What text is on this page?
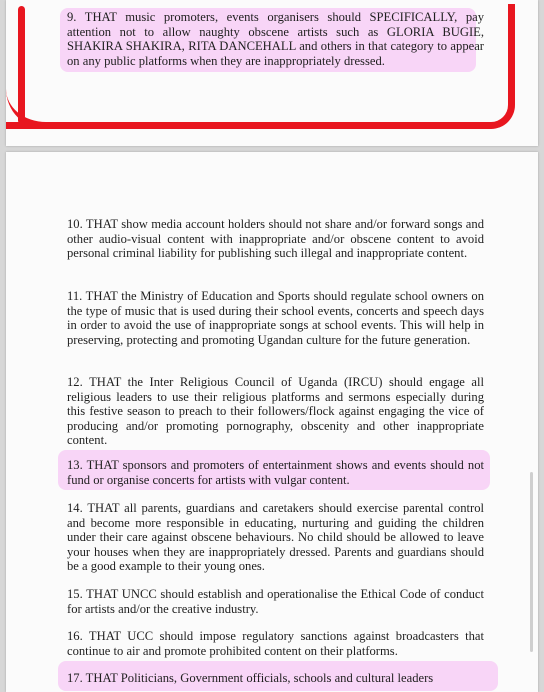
9. THAT music promoters, events organisers should SPECIFICALLY, pay attention not to allow naughty obscene artists such as GLORIA BUGIE, SHAKIRA SHAKIRA, RITA DANCEHALL and others in that category to appear on any public platforms when they are inappropriately dressed.

10. THAT show media account holders should not share and/or forward songs and other audio-visual content with inappropriate and/or obscene content to avoid personal criminal liability for publishing such illegal and inappropriate content.

11. THAT the Ministry of Education and Sports should regulate school owners on the type of music that is used during their school events, concerts and speech days in order to avoid the use of inappropriate songs at school events. This will help in preserving, protecting and promoting Ugandan culture for the future generation.

12. THAT the Inter Religious Council of Uganda (IRCU) should engage all religious leaders to use their religious platforms and sermons especially during this festive season to preach to their followers/flock against engaging the vice of producing and/or promoting pornography, obscenity and other inappropriate content.

13. THAT sponsors and promoters of entertainment shows and events should not fund or organise concerts for artists with vulgar content.

14. THAT all parents, guardians and caretakers should exercise parental control and become more responsible in educating, nurturing and guiding the children under their care against obscene behaviours. No child should be allowed to leave your houses when they are inappropriately dressed. Parents and guardians should be a good example to their young ones.

15. THAT UNCC should establish and operationalise the Ethical Code of conduct for artists and/or the creative industry.

16. THAT UCC should impose regulatory sanctions against broadcasters that continue to air and promote prohibited content on their platforms.

17. THAT Politicians, Government officials, schools and cultural leaders
